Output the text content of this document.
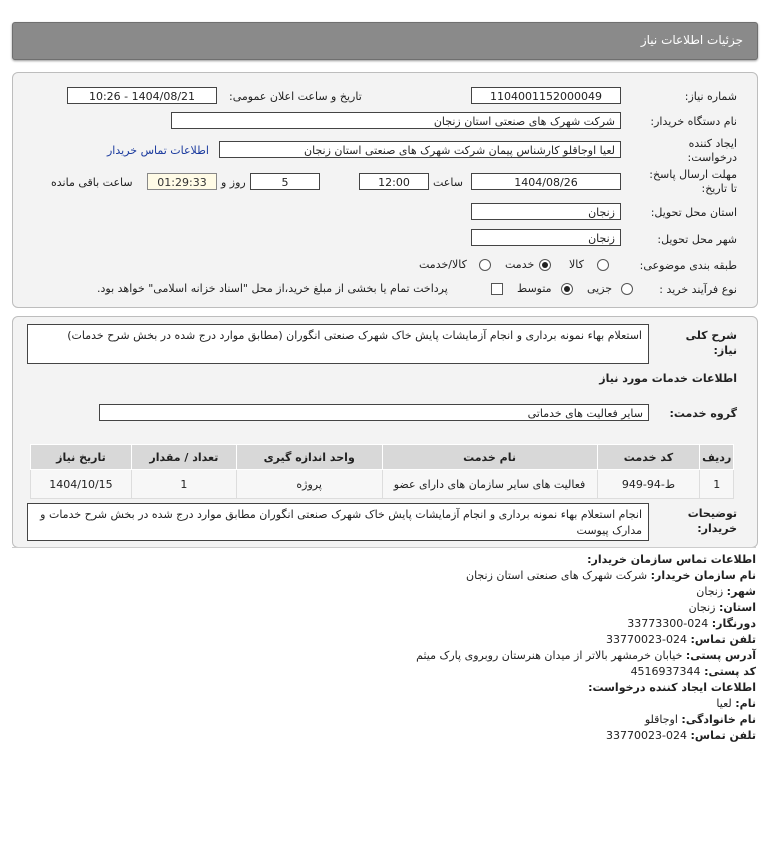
جزئیات اطلاعات نیاز
شماره نیاز:
1104001152000049
تاریخ و ساعت اعلان عمومی:
1404/08/21 - 10:26
نام دستگاه خریدار:
شرکت شهرک های صنعتی استان زنجان
ایجاد کننده
درخواست:
لعیا اوجاقلو کارشناس پیمان شرکت شهرک های صنعتی استان زنجان
اطلاعات تماس خریدار
مهلت ارسال پاسخ:
تا تاریخ:
1404/08/26
ساعت
12:00
5
روز و
01:29:33
ساعت باقی مانده
استان محل تحویل:
زنجان
شهر محل تحویل:
زنجان
طبقه بندی موضوعی:
کالا
خدمت
کالا/خدمت
نوع فرآیند خرید :
جزیی
متوسط
پرداخت تمام یا بخشی از مبلغ خرید،از محل "اسناد خزانه اسلامی" خواهد بود.
شرح کلی
نیاز:
استعلام بهاء نمونه برداری و انجام آزمایشات پایش خاک شهرک صنعتی انگوران (مطابق موارد درج شده در بخش شرح خدمات)
اطلاعات خدمات مورد نیاز
گروه خدمت:
سایر فعالیت های خدماتی
توضیحات
خریدار:
انجام استعلام بهاء نمونه برداری و انجام آزمایشات پایش خاک شهرک صنعتی انگوران مطابق موارد درج شده در بخش شرح خدمات و مدارک پیوست
ردیف	کد خدمت	نام خدمت	واحد اندازه گیری	تعداد / مقدار	تاریخ نیاز
1	ط-94-949	فعالیت های سایر سازمان های دارای عضو	پروژه	1	1404/10/15
اطلاعات تماس سازمان خریدار:
نام سازمان خریدار: شرکت شهرک های صنعتی استان زنجان
شهر: زنجان
استان: زنجان
دورنگار: 024-33773300
تلفن تماس: 024-33770023
آدرس پستی: خیابان خرمشهر بالاتر از میدان هنرستان روبروی پارک میثم
کد پستی: 4516937344
اطلاعات ایجاد کننده درخواست:
نام: لعیا
نام خانوادگی: اوجاقلو
تلفن تماس: 024-33770023
